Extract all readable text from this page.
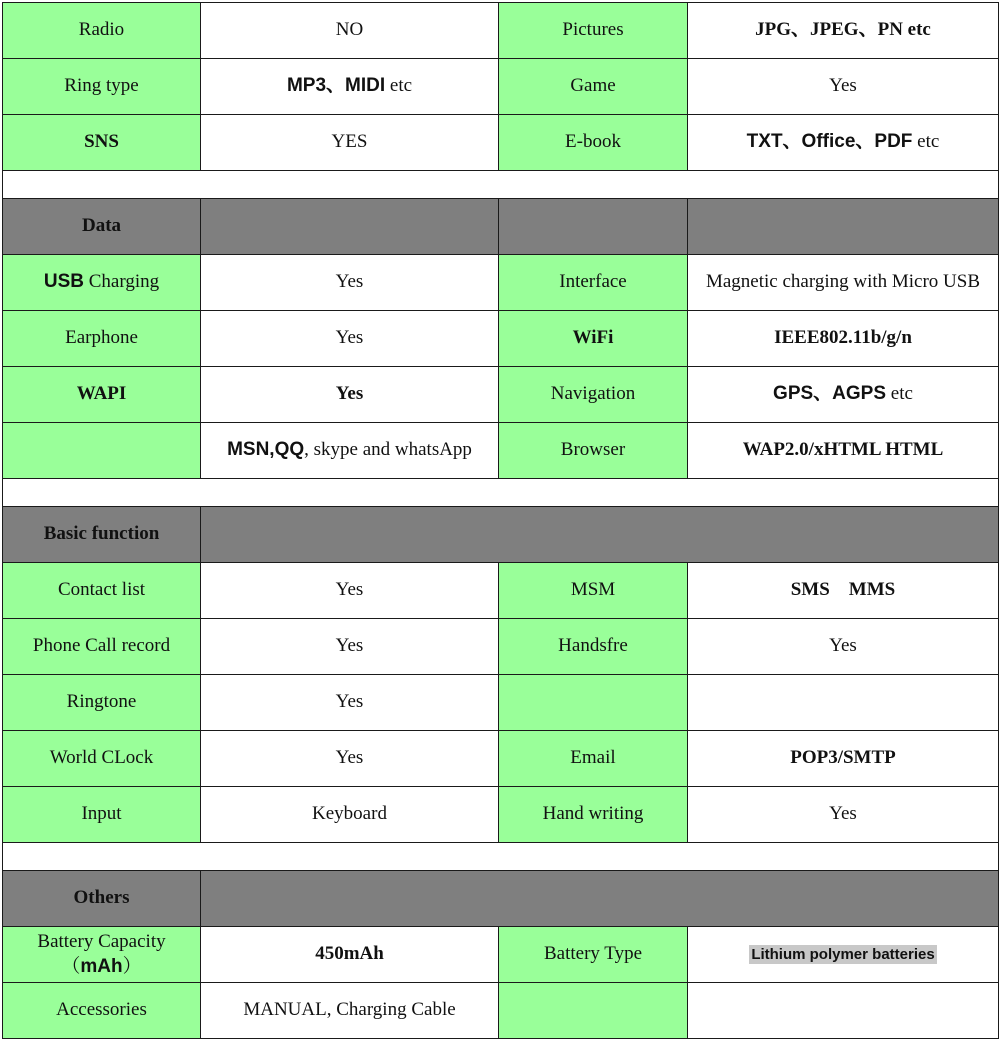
Radio	NO	Pictures	JPG、JPEG、PN etc
Ring type	MP3、MIDI etc	Game	Yes
SNS	YES	E-book	TXT、Office、PDF etc

Data			
USB Charging	Yes	Interface	Magnetic charging with Micro USB
Earphone	Yes	WiFi	IEEE802.11b/g/n
WAPI	Yes	Navigation	GPS、AGPS etc
	MSN,QQ, skype and whatsApp	Browser	WAP2.0/xHTML HTML

Basic function			
Contact list	Yes	MSM	SMS　MMS
Phone Call record	Yes	Handsfre	Yes
Ringtone	Yes		
World CLock	Yes	Email	POP3/SMTP
Input	Keyboard	Hand writing	Yes

Others			

Battery Capacity
（mAh）	450mAh	Battery Type	Lithium polymer batteries
Accessories	MANUAL, Charging Cable		
